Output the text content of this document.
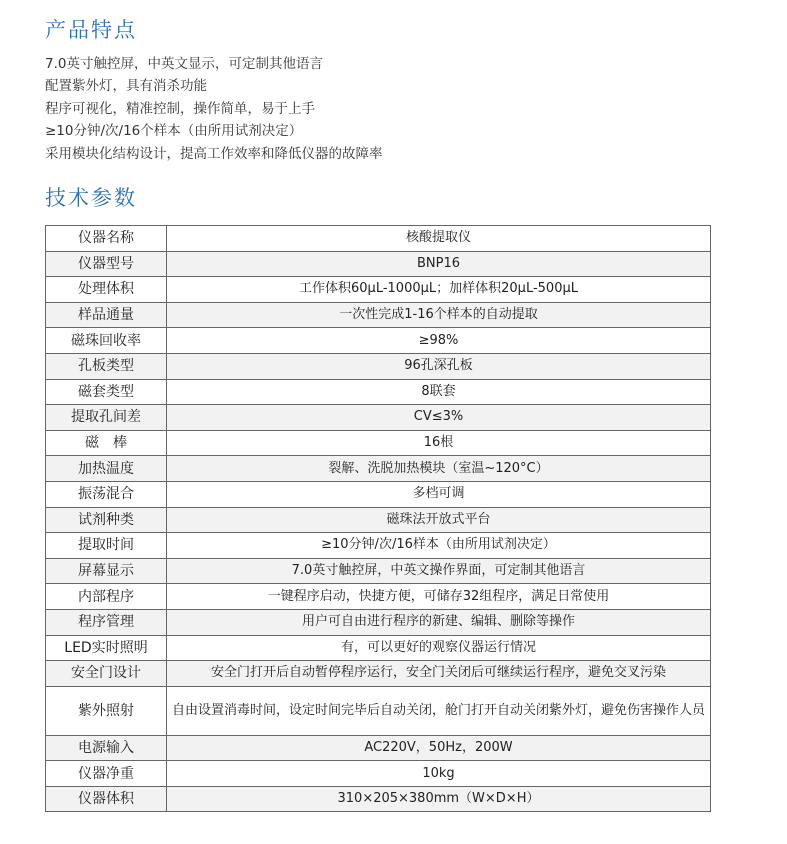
产品特点
7.0英寸触控屏，中英文显示，可定制其他语言
配置紫外灯，具有消杀功能
程序可视化，精准控制，操作简单，易于上手
≥10分钟/次/16个样本（由所用试剂决定）
采用模块化结构设计，提高工作效率和降低仪器的故障率
技术参数
仪器名称	核酸提取仪
仪器型号	BNP16
处理体积	工作体积60μL-1000μL；加样体积20μL-500μL
样品通量	一次性完成1-16个样本的自动提取
磁珠回收率	≥98%
孔板类型	96孔深孔板
磁套类型	8联套
提取孔间差	CV≤3%
磁　棒	16根
加热温度	裂解、洗脱加热模块（室温~120°C）
振荡混合	多档可调
试剂种类	磁珠法开放式平台
提取时间	≥10分钟/次/16样本（由所用试剂决定）
屏幕显示	7.0英寸触控屏，中英文操作界面，可定制其他语言
内部程序	一键程序启动，快捷方便，可储存32组程序，满足日常使用
程序管理	用户可自由进行程序的新建、编辑、删除等操作
LED实时照明	有，可以更好的观察仪器运行情况
安全门设计	安全门打开后自动暂停程序运行，安全门关闭后可继续运行程序，避免交叉污染
紫外照射	自由设置消毒时间，设定时间完毕后自动关闭，舱门打开自动关闭紫外灯，避免伤害操作人员
电源输入	AC220V，50Hz，200W
仪器净重	10kg
仪器体积	310×205×380mm（W×D×H）
